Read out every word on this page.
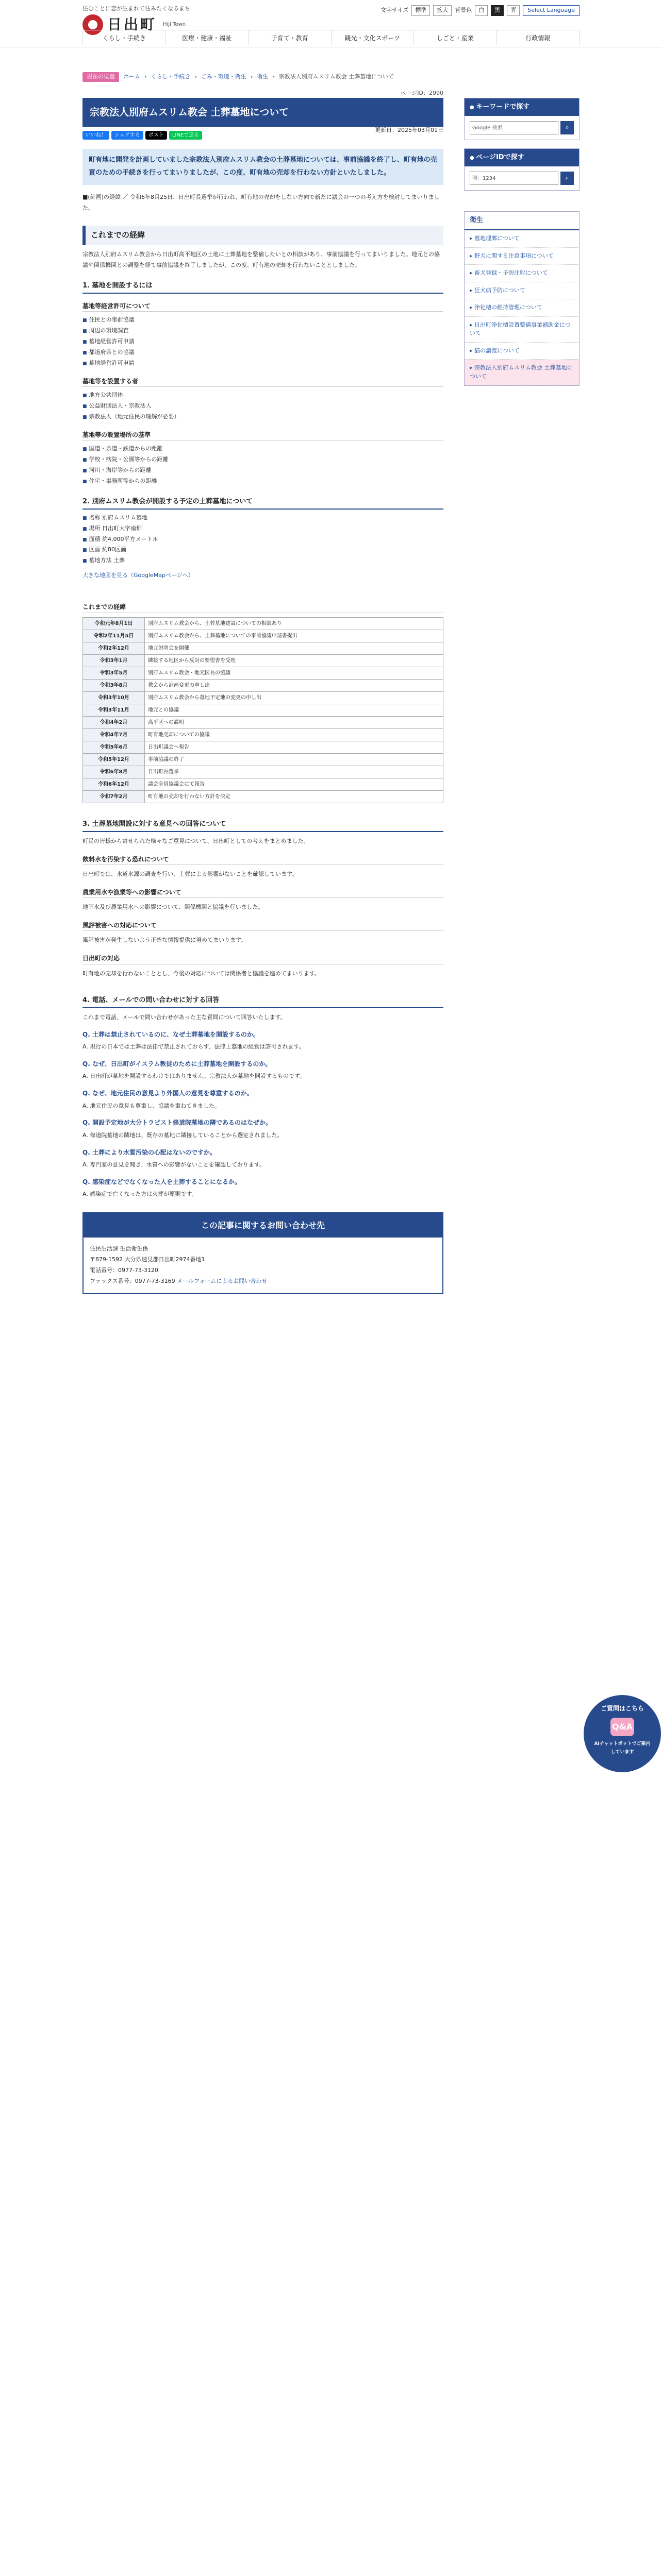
住むことに恋が生まれて住みたくなるまち
日出町 Hiji Town
文字サイズ	標準	拡大	背景色	白	黒	青	Select Language
くらし・手続き	医療・健康・福祉	子育て・教育	観光・文化スポーツ	しごと・産業	行政情報
現在の位置	ホーム › くらし・手続き › ごみ・環境・衛生 › 衛生 › 宗教法人別府ムスリム教会 土葬墓地について
ページID：2990
宗教法人別府ムスリム教会 土葬墓地について
いいね！	シェアする	ポスト	LINEで送る
更新日：2025年03月01日
町有地に開発を計画していました宗教法人別府ムスリム教会の土葬墓地については、事前協議を終了し、町有地の売買のための手続きを行ってまいりましたが、この度、町有地の売却を行わない方針といたしました。

■(計画)の経緯 ／ 令和6年8月25日、日出町長選挙が行われ、町有地の売却をしない方向で新たに議会の一つの考え方を検討してまいりました。

これまでの経緯

宗教法人別府ムスリム教会から日出町高平地区の土地に土葬墓地を整備したいとの相談があり、事前協議を行ってまいりました。地元との協議や関係機関との調整を経て事前協議を終了しましたが、この度、町有地の売却を行わないこととしました。

1. 墓地を開設するには
墓地等経営許可について
■ 住民との事前協議
■ 周辺の環境調査
■ 墓地経営許可申請
■ 都道府県との協議
■ 墓地経営許可申請
墓地等を設置する者
■ 地方公共団体
■ 公益財団法人・宗教法人
■ 宗教法人（地元住民の理解が必要）
墓地等の設置場所の基準
■ 国道・県道・鉄道からの距離
■ 学校・病院・公園等からの距離
■ 河川・海岸等からの距離
■ 住宅・事務所等からの距離
2. 別府ムスリム教会が開設する予定の土葬墓地について
■ 名称 別府ムスリム墓地
■ 場所 日出町大字南畑
■ 面積 約4,000平方メートル
■ 区画 約80区画
■ 墓地方法 土葬

大きな地図を見る（GoogleMapページへ）

これまでの経緯
令和元年8月1日	別府ムスリム教会から、土葬墓地建設についての相談あり
令和2年11月5日	別府ムスリム教会から、土葬墓地についての事前協議申請書提出
令和2年12月	地元説明会を開催
令和3年1月	隣接する地区から反対の要望書を受理
令和3年5月	別府ムスリム教会・地元区長の協議
令和3年8月	教会から計画変更の申し出
令和3年10月	別府ムスリム教会から墓地予定地の変更の申し出
令和3年11月	地元との協議
令和4年2月	高平区への説明
令和4年7月	町有地売却についての協議
令和5年6月	日出町議会へ報告
令和5年12月	事前協議の終了
令和6年8月	日出町長選挙
令和6年12月	議会全員協議会にて報告
令和7年2月	町有地の売却を行わない方針を決定
3. 土葬墓地開設に対する意見への回答について

町民の皆様から寄せられた様々なご意見について、日出町としての考えをまとめました。

飲料水を汚染する恐れについて

日出町では、水道水源の調査を行い、土葬による影響がないことを確認しています。

農業用水や漁業等への影響について

地下水及び農業用水への影響について、関係機関と協議を行いました。

風評被害への対応について

風評被害が発生しないよう正確な情報提供に努めてまいります。

日出町の対応

町有地の売却を行わないこととし、今後の対応については関係者と協議を進めてまいります。

4. 電話、メールでの問い合わせに対する回答

これまで電話、メールで問い合わせがあった主な質問について回答いたします。

Q. 土葬は禁止されているのに、なぜ土葬墓地を開設するのか。
A. 現行の日本では土葬は法律で禁止されておらず、法律上墓地の経営は許可されます。
Q. なぜ、日出町がイスラム教徒のために土葬墓地を開設するのか。
A. 日出町が墓地を開設するわけではありません。宗教法人が墓地を開設するものです。
Q. なぜ、地元住民の意見より外国人の意見を尊重するのか。
A. 地元住民の意見も尊重し、協議を重ねてきました。
Q. 開設予定地が大分トラピスト修道院墓地の隣であるのはなぜか。
A. 修道院墓地の隣地は、既存の墓地に隣接していることから選定されました。
Q. 土葬により水質汚染の心配はないのですか。
A. 専門家の意見を聞き、水質への影響がないことを確認しております。
Q. 感染症などでなくなった人を土葬することになるか。
A. 感染症で亡くなった方は火葬が原則です。
この記事に関するお問い合わせ先
住民生活課 生活衛生係
〒879-1592 大分県速見郡日出町2974番地1
電話番号：0977-73-3120
ファックス番号：0977-73-3169 メールフォームによるお問い合わせ
● キーワードで探す
Google 検索	⌕
● ページIDで探す
例：1234	⌕
衛生
▸ 墓地埋葬について
▸ 野犬に関する注意事項について
▸ 畜犬登録・予防注射について
▸ 狂犬病予防について
▸ 浄化槽の維持管理について
▸ 日出町浄化槽設置整備事業補助金について
▸ 猫の譲渡について
▸ 宗教法人別府ムスリム教会 土葬墓地について
ご質問はこちら
Q&A
AIチャットボットでご案内しています
